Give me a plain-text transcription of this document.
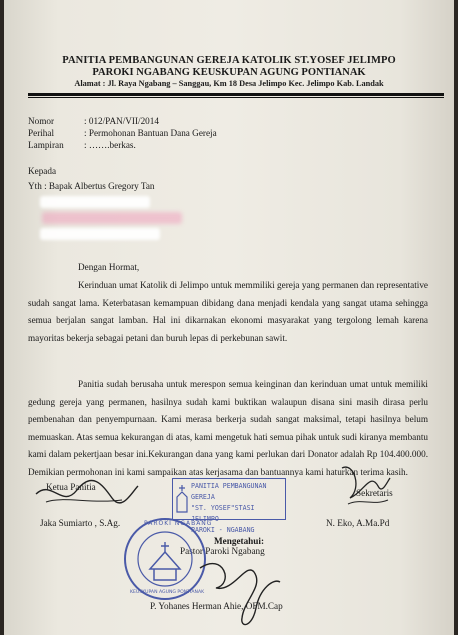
PANITIA PEMBANGUNAN GEREJA KATOLIK ST.YOSEF JELIMPO
PAROKI NGABANG KEUSKUPAN AGUNG PONTIANAK
Alamat : Jl. Raya Ngabang – Sanggau, Km 18 Desa Jelimpo Kec. Jelimpo Kab. Landak
Nomor	: 012/PAN/VII/2014
Perihal	: Permohonan Bantuan Dana Gereja
Lampiran	: …….berkas.
Kepada
Yth : Bapak Albertus Gregory Tan
Dengan Hormat,
Kerinduan umat Katolik di Jelimpo untuk memmiliki gereja yang permanen dan representative sudah sangat lama. Keterbatasan kemampuan dibidang dana menjadi kendala yang sangat utama sehingga semua berjalan sangat lamban. Hal ini dikarnakan ekonomi masyarakat yang tergolong lemah karena mayoritas bekerja sebagai petani dan buruh lepas di perkebunan sawit.
Panitia sudah berusaha untuk merespon semua keinginan dan kerinduan umat untuk memiliki gedung gereja yang permanen, hasilnya sudah kami buktikan walaupun disana sini masih dirasa perlu pembenahan dan penyempurnaan. Kami merasa berkerja sudah sangat maksimal, tetapi hasilnya belum memuaskan. Atas semua kekurangan di atas, kami mengetuk hati semua pihak untuk sudi kiranya membantu kami dalam pekertjaan besar ini.Kekurangan dana yang kami perlukan dari Donator adalah Rp 104.400.000. Demikian permohonan ini kami sampaikan atas kerjasama dan bantuannya kami haturkan terima kasih.
Ketua Panitia
Jaka Sumiarto , S.Ag.
Sekretaris
N. Eko, A.Ma.Pd
Mengetahui:
Pastor Paroki Ngabang
P. Yohanes Herman Ahie, OFM.Cap
PANITIA PEMBANGUNAN GEREJA
"ST. YOSEF"STASI JELIMPO
PAROKI - NGABANG
PAROKI NGABANG
KEUSKUPAN AGUNG PONTIANAK
